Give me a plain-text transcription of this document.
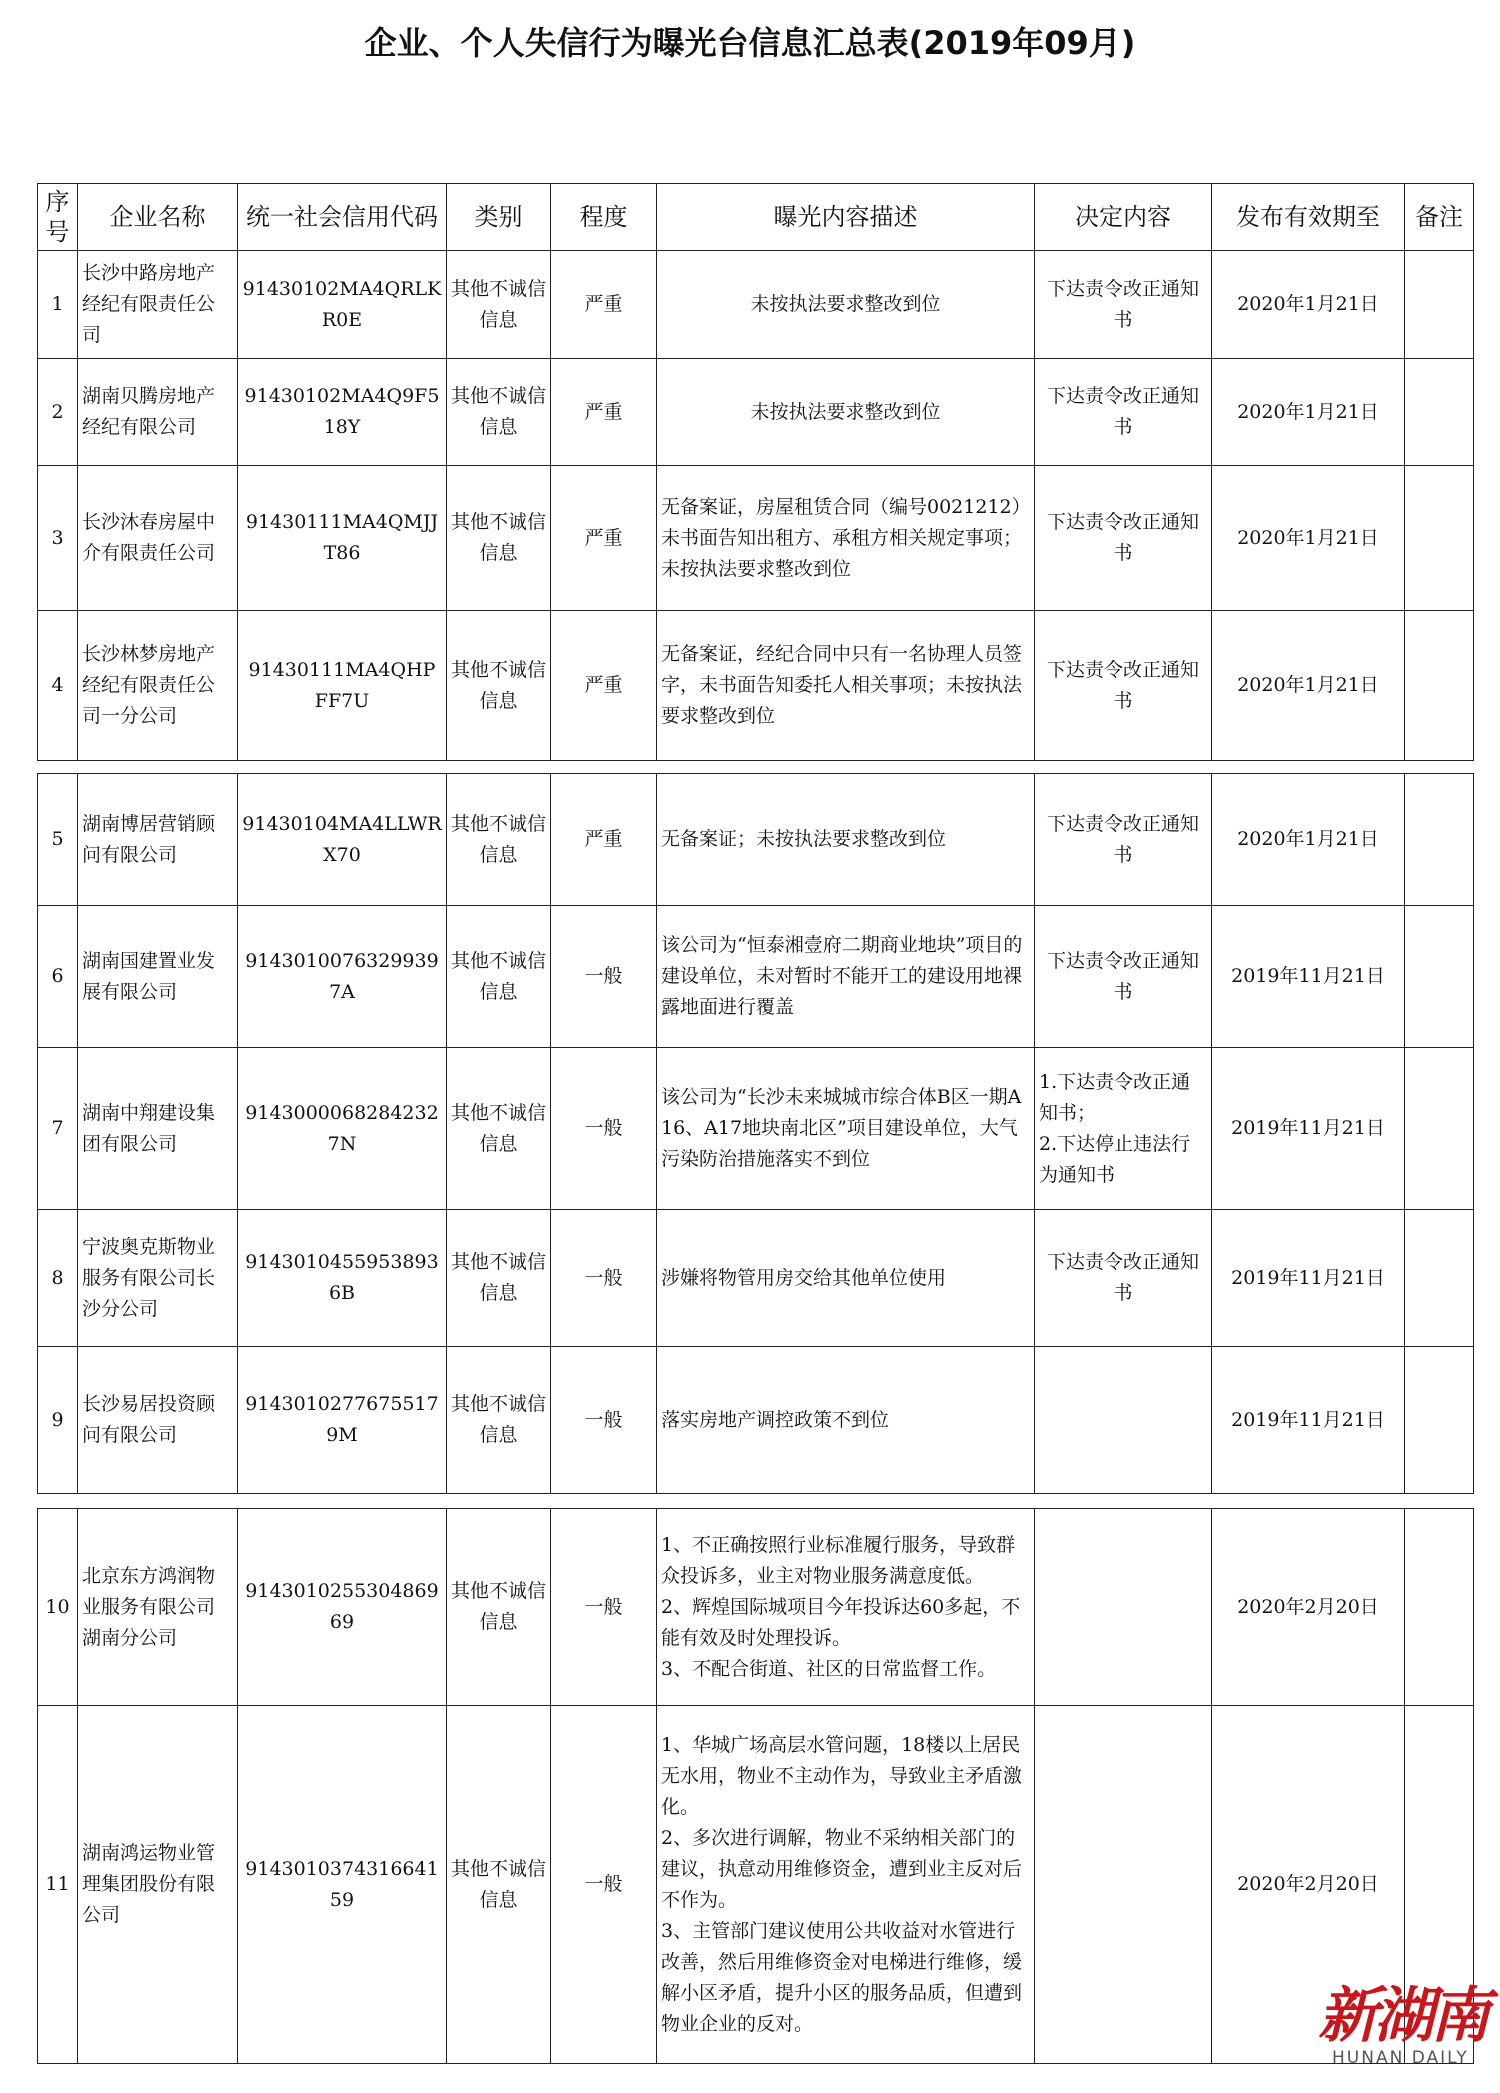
企业、个人失信行为曝光台信息汇总表(2019年09月)
序号	企业名称	统一社会信用代码	类别	程度	曝光内容描述	决定内容	发布有效期至	备注
1	长沙中路房地产经纪有限责任公司	91430102MA4QRLKR0E	其他不诚信信息	严重	未按执法要求整改到位	下达责令改正通知书	2020年1月21日	
2	湖南贝腾房地产经纪有限公司	91430102MA4Q9F518Y	其他不诚信信息	严重	未按执法要求整改到位	下达责令改正通知书	2020年1月21日	
3	长沙沐春房屋中介有限责任公司	91430111MA4QMJJT86	其他不诚信信息	严重	无备案证，房屋租赁合同（编号0021212）未书面告知出租方、承租方相关规定事项；未按执法要求整改到位	下达责令改正通知书	2020年1月21日	
4	长沙林梦房地产经纪有限责任公司一分公司	91430111MA4QHPFF7U	其他不诚信信息	严重	无备案证，经纪合同中只有一名协理人员签字，未书面告知委托人相关事项；未按执法要求整改到位	下达责令改正通知书	2020年1月21日	
5	湖南博居营销顾问有限公司	91430104MA4LLWRX70	其他不诚信信息	严重	无备案证；未按执法要求整改到位	下达责令改正通知书	2020年1月21日	
6	湖南国建置业发展有限公司	91430100763299397A	其他不诚信信息	一般	该公司为“恒泰湘壹府二期商业地块”项目的建设单位，未对暂时不能开工的建设用地裸露地面进行覆盖	下达责令改正通知书	2019年11月21日	
7	湖南中翔建设集团有限公司	91430000682842327N	其他不诚信信息	一般	该公司为“长沙未来城城市综合体B区一期A16、A17地块南北区”项目建设单位，大气污染防治措施落实不到位	1.下达责令改正通知书；
2.下达停止违法行为通知书	2019年11月21日	
8	宁波奥克斯物业服务有限公司长沙分公司	91430104559538936B	其他不诚信信息	一般	涉嫌将物管用房交给其他单位使用	下达责令改正通知书	2019年11月21日	
9	长沙易居投资顾问有限公司	91430102776755179M	其他不诚信信息	一般	落实房地产调控政策不到位		2019年11月21日	
10	北京东方鸿润物业服务有限公司湖南分公司	914301025530486969	其他不诚信信息	一般	1、不正确按照行业标准履行服务，导致群众投诉多，业主对物业服务满意度低。
2、辉煌国际城项目今年投诉达60多起，不能有效及时处理投诉。
3、不配合街道、社区的日常监督工作。		2020年2月20日	
11	湖南鸿运物业管理集团股份有限公司	914301037431664159	其他不诚信信息	一般	1、华城广场高层水管问题，18楼以上居民无水用，物业不主动作为，导致业主矛盾激化。
2、多次进行调解，物业不采纳相关部门的建议，执意动用维修资金，遭到业主反对后不作为。
3、主管部门建议使用公共收益对水管进行改善，然后用维修资金对电梯进行维修，缓解小区矛盾，提升小区的服务品质，但遭到物业企业的反对。		2020年2月20日	
新湖南
HUNAN DAILY
